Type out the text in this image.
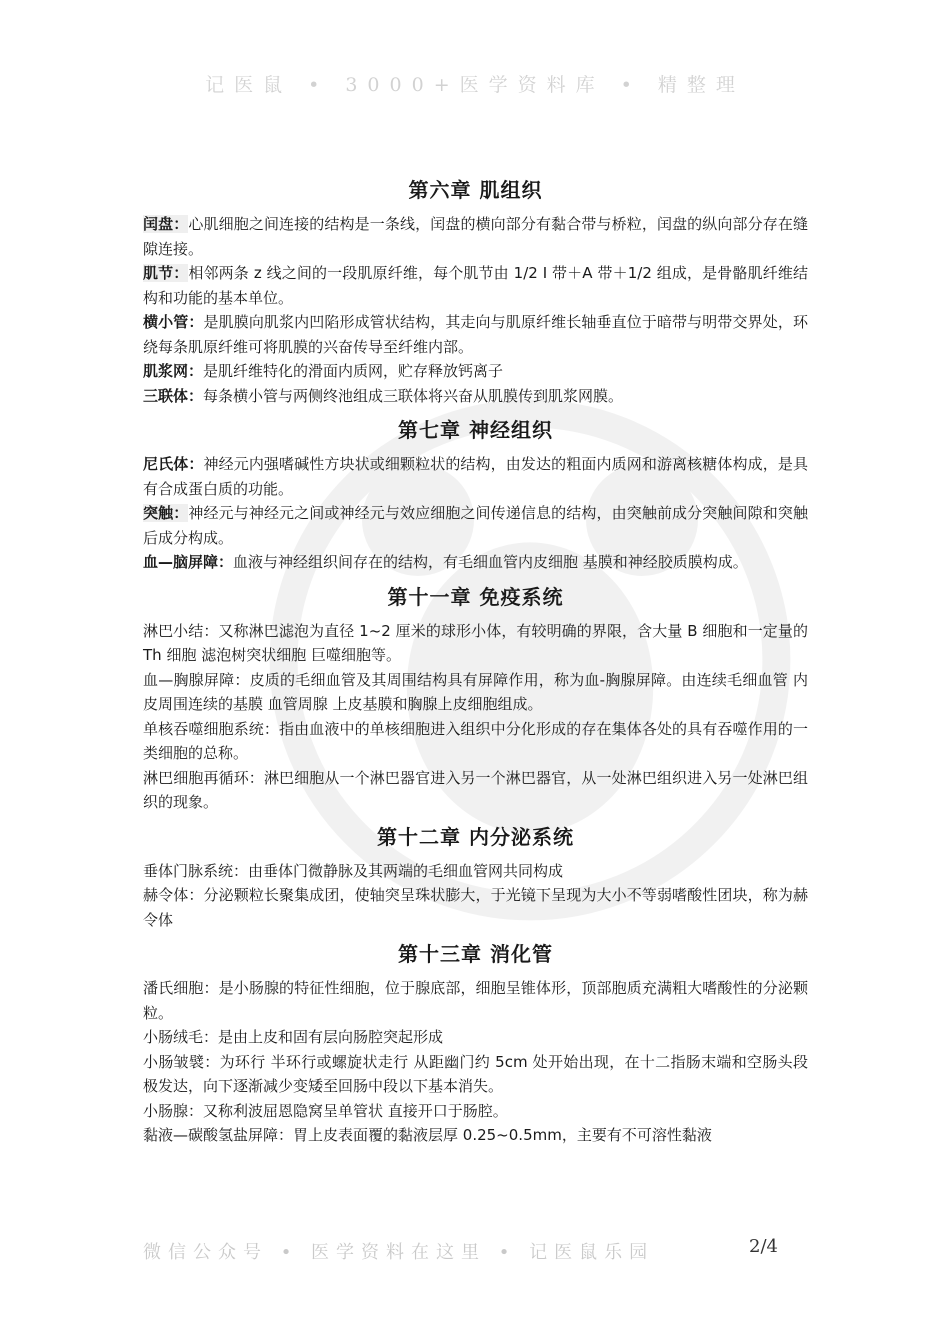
记医鼠 • 3000+医学资料库 • 精整理
第六章 肌组织

闰盘：心肌细胞之间连接的结构是一条线，闰盘的横向部分有黏合带与桥粒，闰盘的纵向部分存在缝隙连接。

肌节：相邻两条 z 线之间的一段肌原纤维，每个肌节由 1/2 I 带＋A 带＋1/2 组成，是骨骼肌纤维结构和功能的基本单位。

横小管：是肌膜向肌浆内凹陷形成管状结构，其走向与肌原纤维长轴垂直位于暗带与明带交界处，环绕每条肌原纤维可将肌膜的兴奋传导至纤维内部。

肌浆网：是肌纤维特化的滑面内质网，贮存释放钙离子

三联体：每条横小管与两侧终池组成三联体将兴奋从肌膜传到肌浆网膜。

第七章 神经组织

尼氏体：神经元内强嗜碱性方块状或细颗粒状的结构，由发达的粗面内质网和游离核糖体构成，是具有合成蛋白质的功能。

突触：神经元与神经元之间或神经元与效应细胞之间传递信息的结构，由突触前成分突触间隙和突触后成分构成。

血—脑屏障：血液与神经组织间存在的结构，有毛细血管内皮细胞 基膜和神经胶质膜构成。

第十一章 免疫系统

淋巴小结：又称淋巴滤泡为直径 1~2 厘米的球形小体，有较明确的界限，含大量 B 细胞和一定量的 Th 细胞 滤泡树突状细胞 巨噬细胞等。

血—胸腺屏障：皮质的毛细血管及其周围结构具有屏障作用，称为血-胸腺屏障。由连续毛细血管 内皮周围连续的基膜 血管周腺 上皮基膜和胸腺上皮细胞组成。

单核吞噬细胞系统：指由血液中的单核细胞进入组织中分化形成的存在集体各处的具有吞噬作用的一类细胞的总称。

淋巴细胞再循环：淋巴细胞从一个淋巴器官进入另一个淋巴器官，从一处淋巴组织进入另一处淋巴组织的现象。

第十二章 内分泌系统

垂体门脉系统：由垂体门微静脉及其两端的毛细血管网共同构成

赫令体：分泌颗粒长聚集成团，使轴突呈珠状膨大，于光镜下呈现为大小不等弱嗜酸性团块，称为赫令体

第十三章 消化管

潘氏细胞：是小肠腺的特征性细胞，位于腺底部，细胞呈锥体形，顶部胞质充满粗大嗜酸性的分泌颗粒。

小肠绒毛：是由上皮和固有层向肠腔突起形成

小肠皱襞：为环行 半环行或螺旋状走行 从距幽门约 5cm 处开始出现，在十二指肠末端和空肠头段极发达，向下逐渐减少变矮至回肠中段以下基本消失。

小肠腺：又称利波屈恩隐窝呈单管状 直接开口于肠腔。

黏液—碳酸氢盐屏障：胃上皮表面覆的黏液层厚 0.25~0.5mm，主要有不可溶性黏液

微信公众号 • 医学资料在这里 • 记医鼠乐园	2/4
